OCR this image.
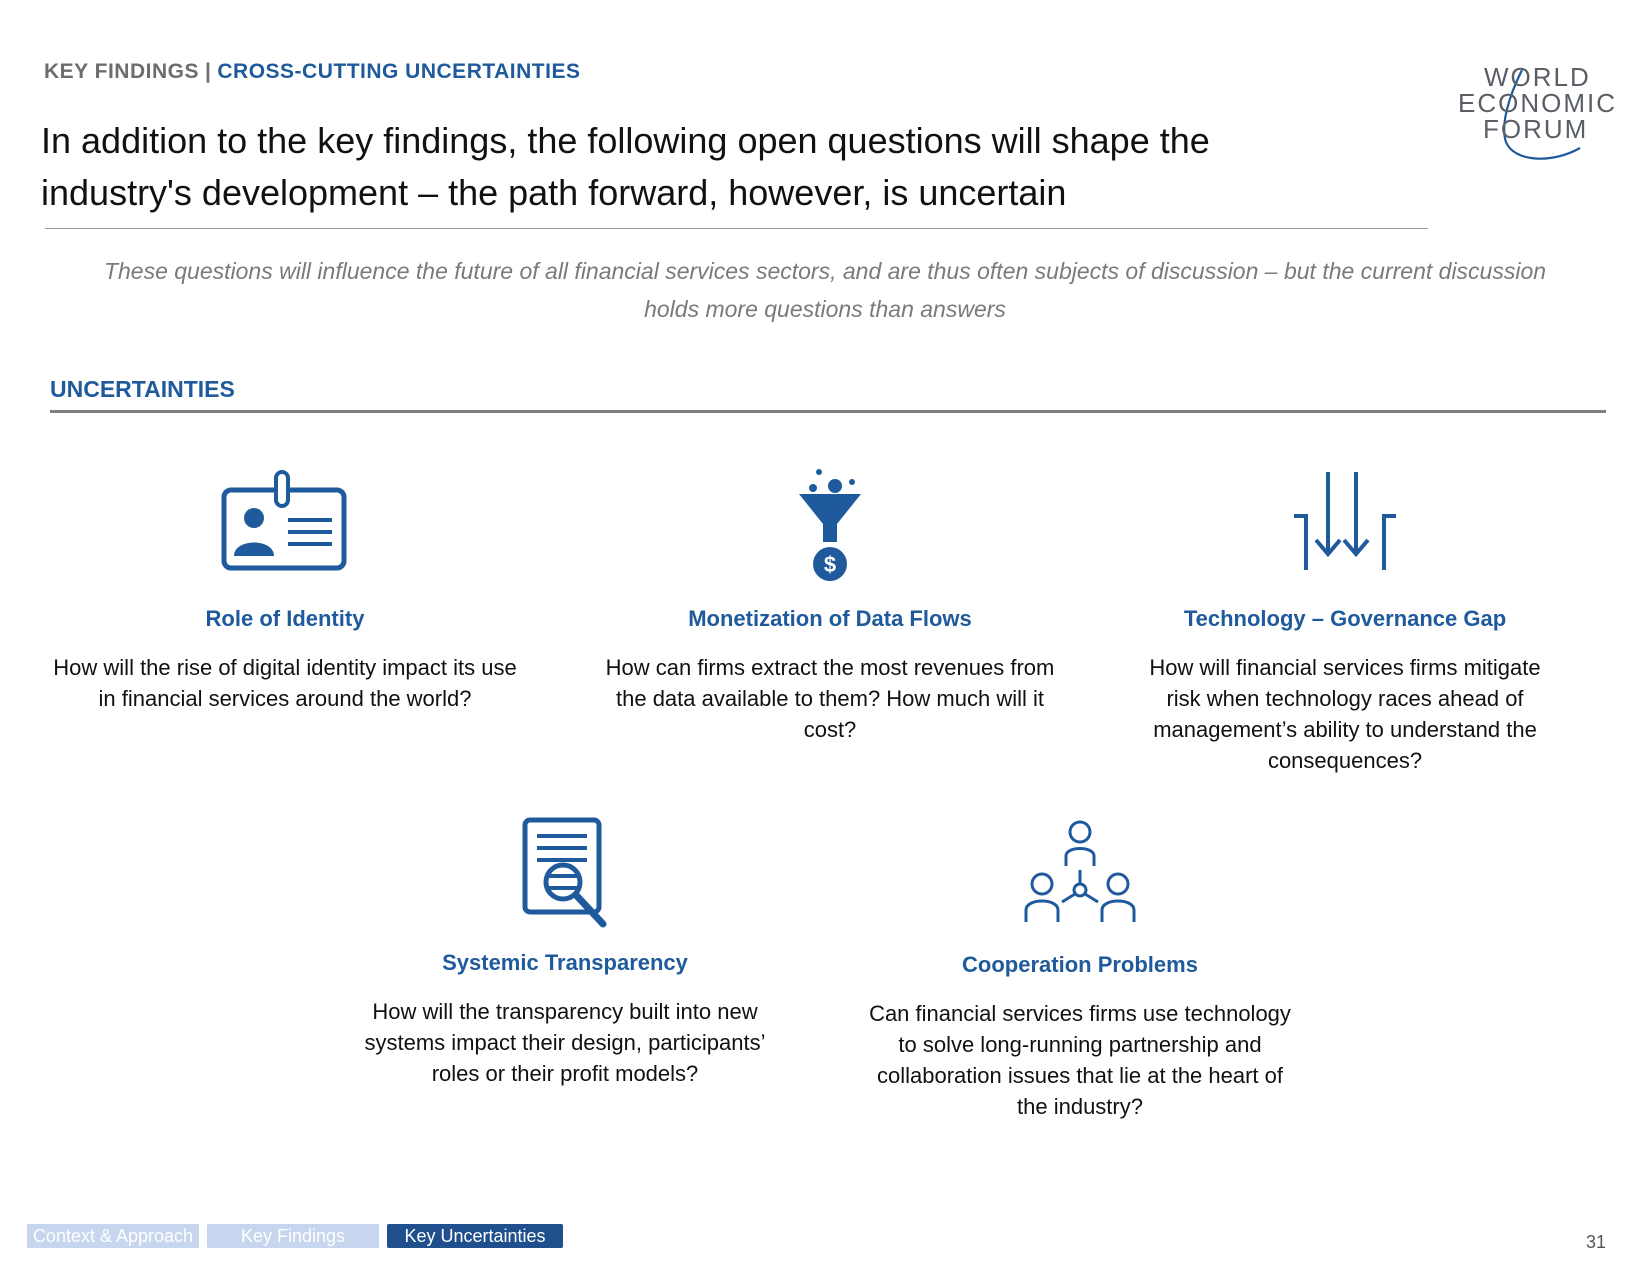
KEY FINDINGS | CROSS-CUTTING UNCERTAINTIES	WORLD
ECONOMIC
FORUM
In addition to the key findings, the following open questions will shape the industry's development – the path forward, however, is uncertain
These questions will influence the future of all financial services sectors, and are thus often subjects of discussion – but the current discussion holds more questions than answers
UNCERTAINTIES
Role of Identity
How will the rise of digital identity impact its use in financial services around the world?
$
Monetization of Data Flows
How can firms extract the most revenues from the data available to them? How much will it cost?
Technology – Governance Gap
How will financial services firms mitigate risk when technology races ahead of management’s ability to understand the consequences?
Systemic Transparency
How will the transparency built into new systems impact their design, participants’ roles or their profit models?
Cooperation Problems
Can financial services firms use technology to solve long-running partnership and collaboration issues that lie at the heart of the industry?
Context & Approach	Key Findings	Key Uncertainties	31
